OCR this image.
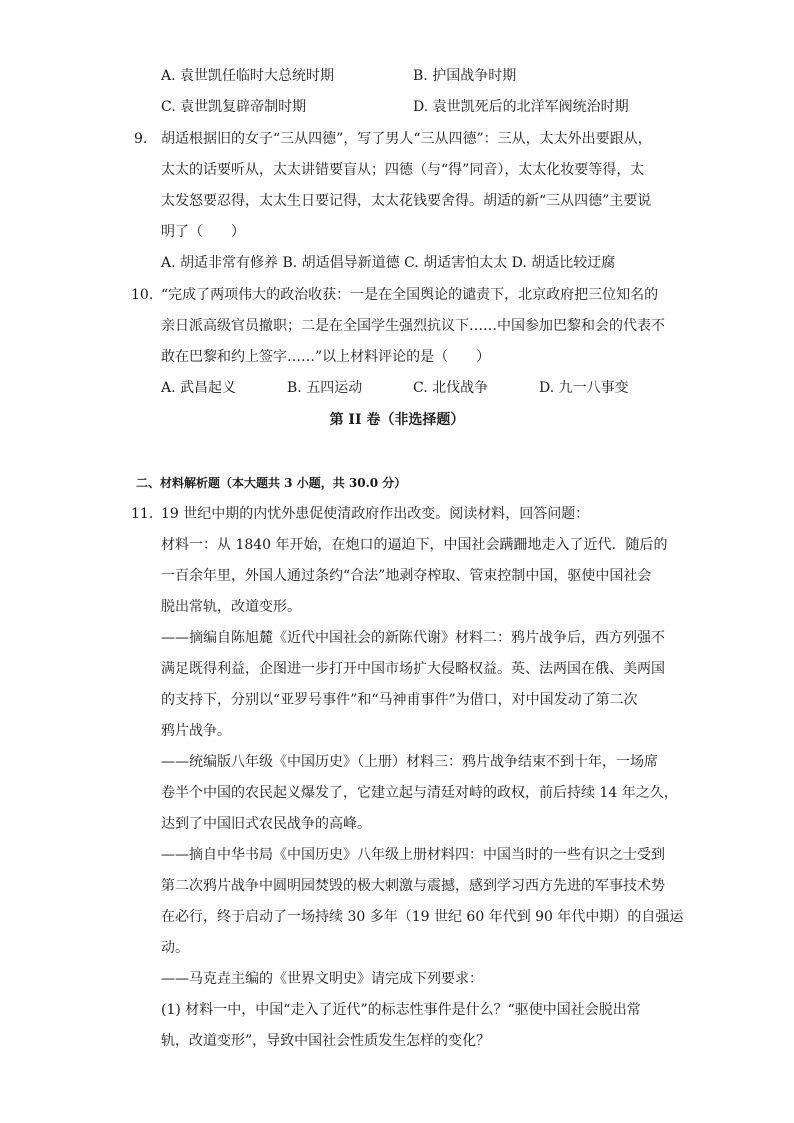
A. 袁世凯任临时大总统时期	B. 护国战争时期
C. 袁世凯复辟帝制时期	D. 袁世凯死后的北洋军阀统治时期
9. 胡适根据旧的女子“三从四德”，写了男人“三从四德”：三从，太太外出要跟从，
太太的话要听从，太太讲错要盲从；四德（与“得”同音），太太化妆要等得，太
太发怒要忍得，太太生日要记得，太太花钱要舍得。胡适的新“三从四德”主要说
明了（　　）
A. 胡适非常有修养 B. 胡适倡导新道德 C. 胡适害怕太太 D. 胡适比较迂腐
10. “完成了两项伟大的政治收获：一是在全国舆论的谴责下，北京政府把三位知名的
亲日派高级官员撤职；二是在全国学生强烈抗议下……中国参加巴黎和会的代表不
敢在巴黎和约上签字……”以上材料评论的是（　　）
A. 武昌起义	B. 五四运动	C. 北伐战争	D. 九一八事变
第 II 卷（非选择题）
二、材料解析题（本大题共 3 小题，共 30.0 分）
11. 19 世纪中期的内忧外患促使清政府作出改变。阅读材料，回答问题：
材料一：从 1840 年开始，在炮口的逼迫下，中国社会蹒跚地走入了近代．随后的
一百余年里，外国人通过条约“合法”地剥夺榨取、管束控制中国，驱使中国社会
脱出常轨，改道变形。
——摘编自陈旭麓《近代中国社会的新陈代谢》材料二：鸦片战争后，西方列强不
满足既得利益，企图进一步打开中国市场扩大侵略权益。英、法两国在俄、美两国
的支持下，分别以“亚罗号事件”和“马神甫事件”为借口，对中国发动了第二次
鸦片战争。
——统编版八年级《中国历史》（上册）材料三：鸦片战争结束不到十年，一场席
卷半个中国的农民起义爆发了，它建立起与清廷对峙的政权，前后持续 14 年之久，
达到了中国旧式农民战争的高峰。
——摘自中华书局《中国历史》八年级上册材料四：中国当时的一些有识之士受到
第二次鸦片战争中圆明园焚毁的极大刺激与震撼，感到学习西方先进的军事技术势
在必行，终于启动了一场持续 30 多年（19 世纪 60 年代到 90 年代中期）的自强运
动。
——马克垚主编的《世界文明史》请完成下列要求：
(1) 材料一中，中国“走入了近代”的标志性事件是什么？“驱使中国社会脱出常
轨，改道变形”，导致中国社会性质发生怎样的变化？
